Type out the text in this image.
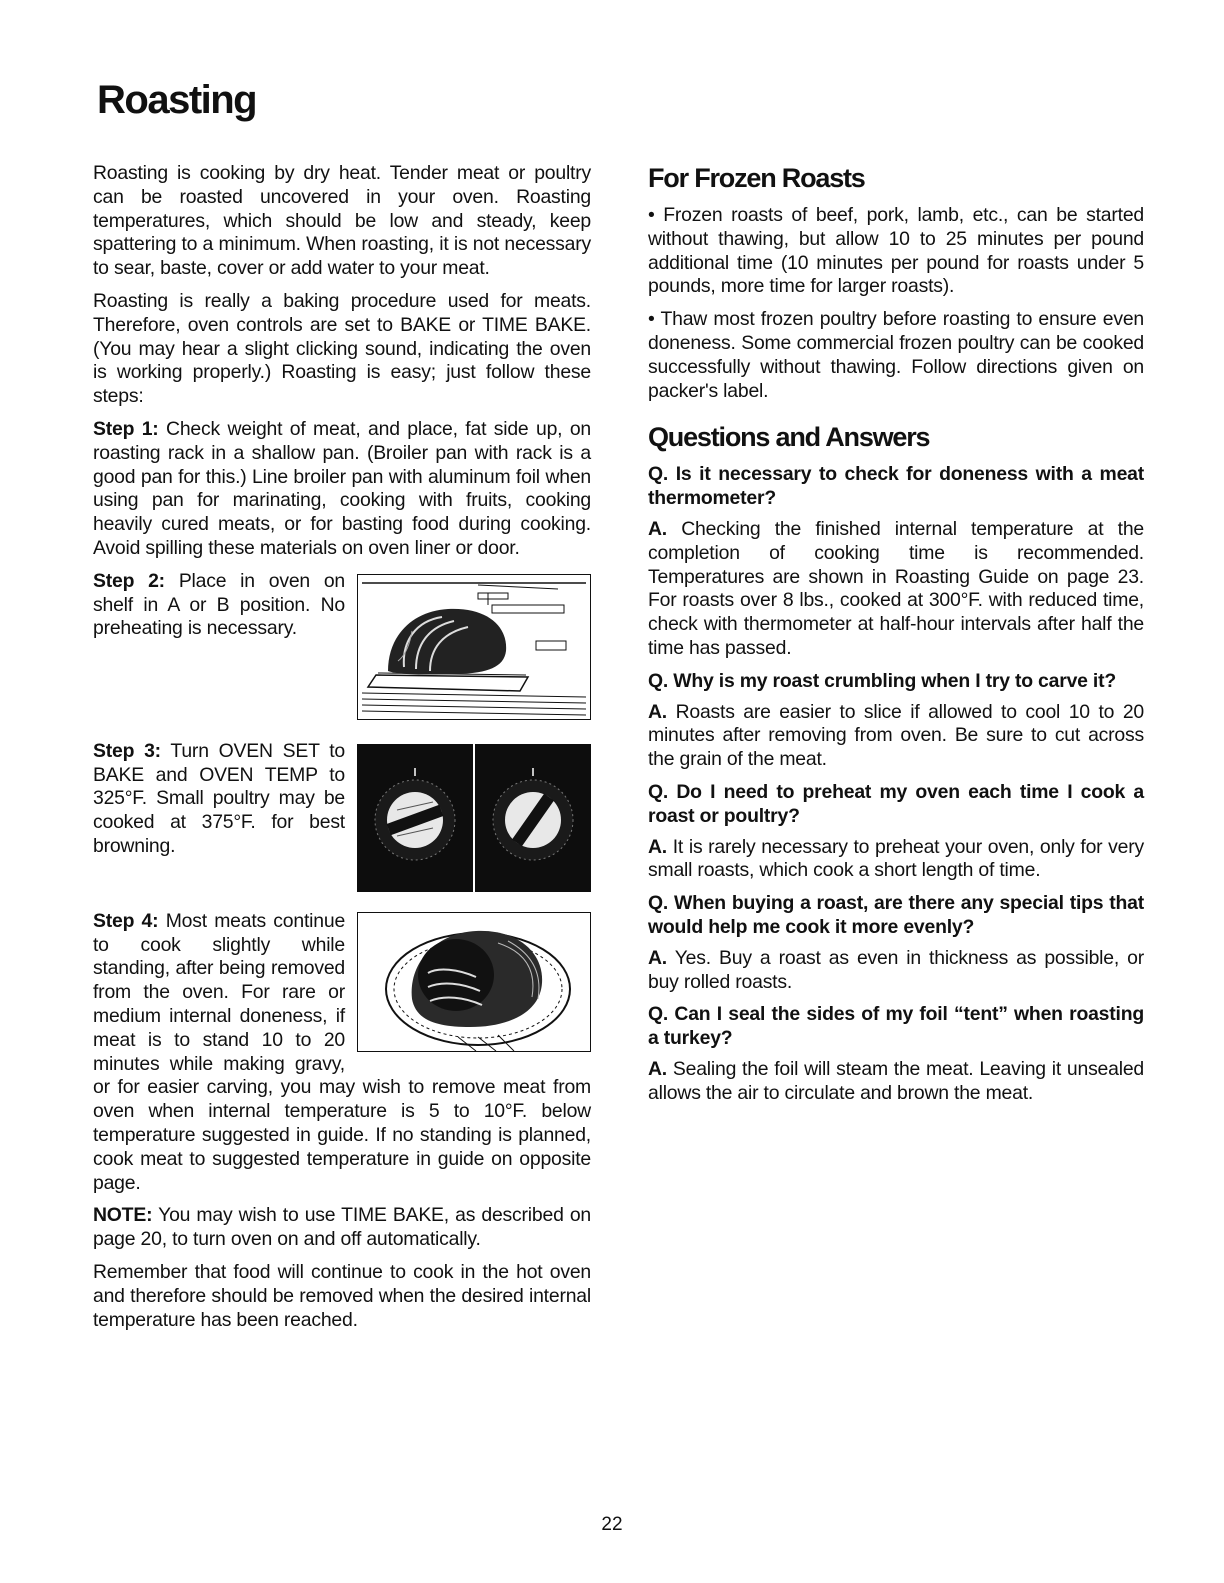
Roasting

Roasting is cooking by dry heat. Tender meat or poultry can be roasted uncovered in your oven. Roasting temperatures, which should be low and steady, keep spattering to a minimum. When roasting, it is not necessary to sear, baste, cover or add water to your meat.

Roasting is really a baking procedure used for meats. Therefore, oven controls are set to BAKE or TIME BAKE. (You may hear a slight clicking sound, indicating the oven is working properly.) Roasting is easy; just follow these steps:

Step 1: Check weight of meat, and place, fat side up, on roasting rack in a shallow pan. (Broiler pan with rack is a good pan for this.) Line broiler pan with aluminum foil when using pan for marinating, cooking with fruits, cooking heavily cured meats, or for basting food during cooking. Avoid spilling these materials on oven liner or door.

Step 2: Place in oven on shelf in A or B position. No preheating is necessary.

Step 3: Turn OVEN SET to BAKE and OVEN TEMP to 325°F. Small poultry may be cooked at 375°F. for best browning.

Step 4: Most meats continue to cook slightly while standing, after being removed from the oven. For rare or medium internal doneness, if meat is to stand 10 to 20 minutes while making gravy, or for easier carving, you may wish to remove meat from oven when internal temperature is 5 to 10°F. below temperature suggested in guide. If no standing is planned, cook meat to suggested temperature in guide on opposite page.

NOTE: You may wish to use TIME BAKE, as described on page 20, to turn oven on and off automatically.

Remember that food will continue to cook in the hot oven and therefore should be removed when the desired internal temperature has been reached.

For Frozen Roasts

• Frozen roasts of beef, pork, lamb, etc., can be started without thawing, but allow 10 to 25 minutes per pound additional time (10 minutes per pound for roasts under 5 pounds, more time for larger roasts).

• Thaw most frozen poultry before roasting to ensure even doneness. Some commercial frozen poultry can be cooked successfully without thawing. Follow directions given on packer's label.

Questions and Answers

Q. Is it necessary to check for doneness with a meat thermometer?

A. Checking the finished internal temperature at the completion of cooking time is recommended. Temperatures are shown in Roasting Guide on page 23. For roasts over 8 lbs., cooked at 300°F. with reduced time, check with thermometer at half-hour intervals after half the time has passed.

Q. Why is my roast crumbling when I try to carve it?

A. Roasts are easier to slice if allowed to cool 10 to 20 minutes after removing from oven. Be sure to cut across the grain of the meat.

Q. Do I need to preheat my oven each time I cook a roast or poultry?

A. It is rarely necessary to preheat your oven, only for very small roasts, which cook a short length of time.

Q. When buying a roast, are there any special tips that would help me cook it more evenly?

A. Yes. Buy a roast as even in thickness as possible, or buy rolled roasts.

Q. Can I seal the sides of my foil “tent” when roasting a turkey?

A. Sealing the foil will steam the meat. Leaving it unsealed allows the air to circulate and brown the meat.

22
